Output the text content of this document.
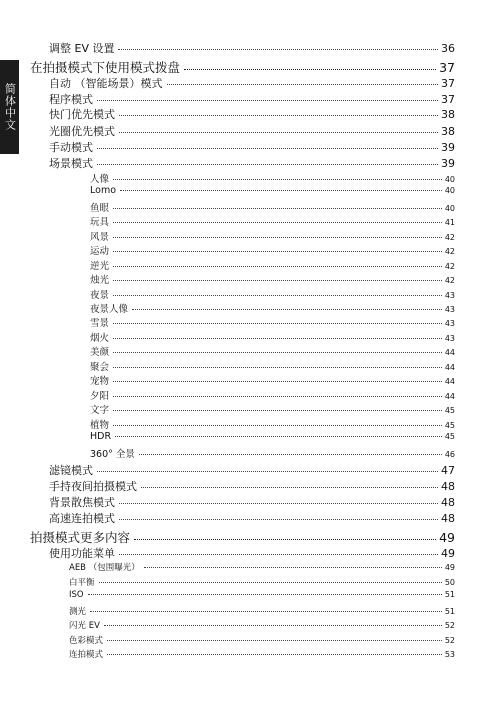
简体中文
调整 EV 设置	36
在拍摄模式下使用模式拨盘	37
自动 （智能场景）模式	37
程序模式	37
快门优先模式	38
光圈优先模式	38
手动模式	39
场景模式	39
人像	40
Lomo	40
鱼眼	40
玩具	41
风景	42
运动	42
逆光	42
烛光	42
夜景	43
夜景人像	43
雪景	43
烟火	43
美颜	44
聚会	44
宠物	44
夕阳	44
文字	45
植物	45
HDR	45
360° 全景	46
滤镜模式	47
手持夜间拍摄模式	48
背景散焦模式	48
高速连拍模式	48
拍摄模式更多内容	49
使用功能菜单	49
AEB （包围曝光）	49
白平衡	50
ISO	51
测光	51
闪光 EV	52
色彩模式	52
连拍模式	53
